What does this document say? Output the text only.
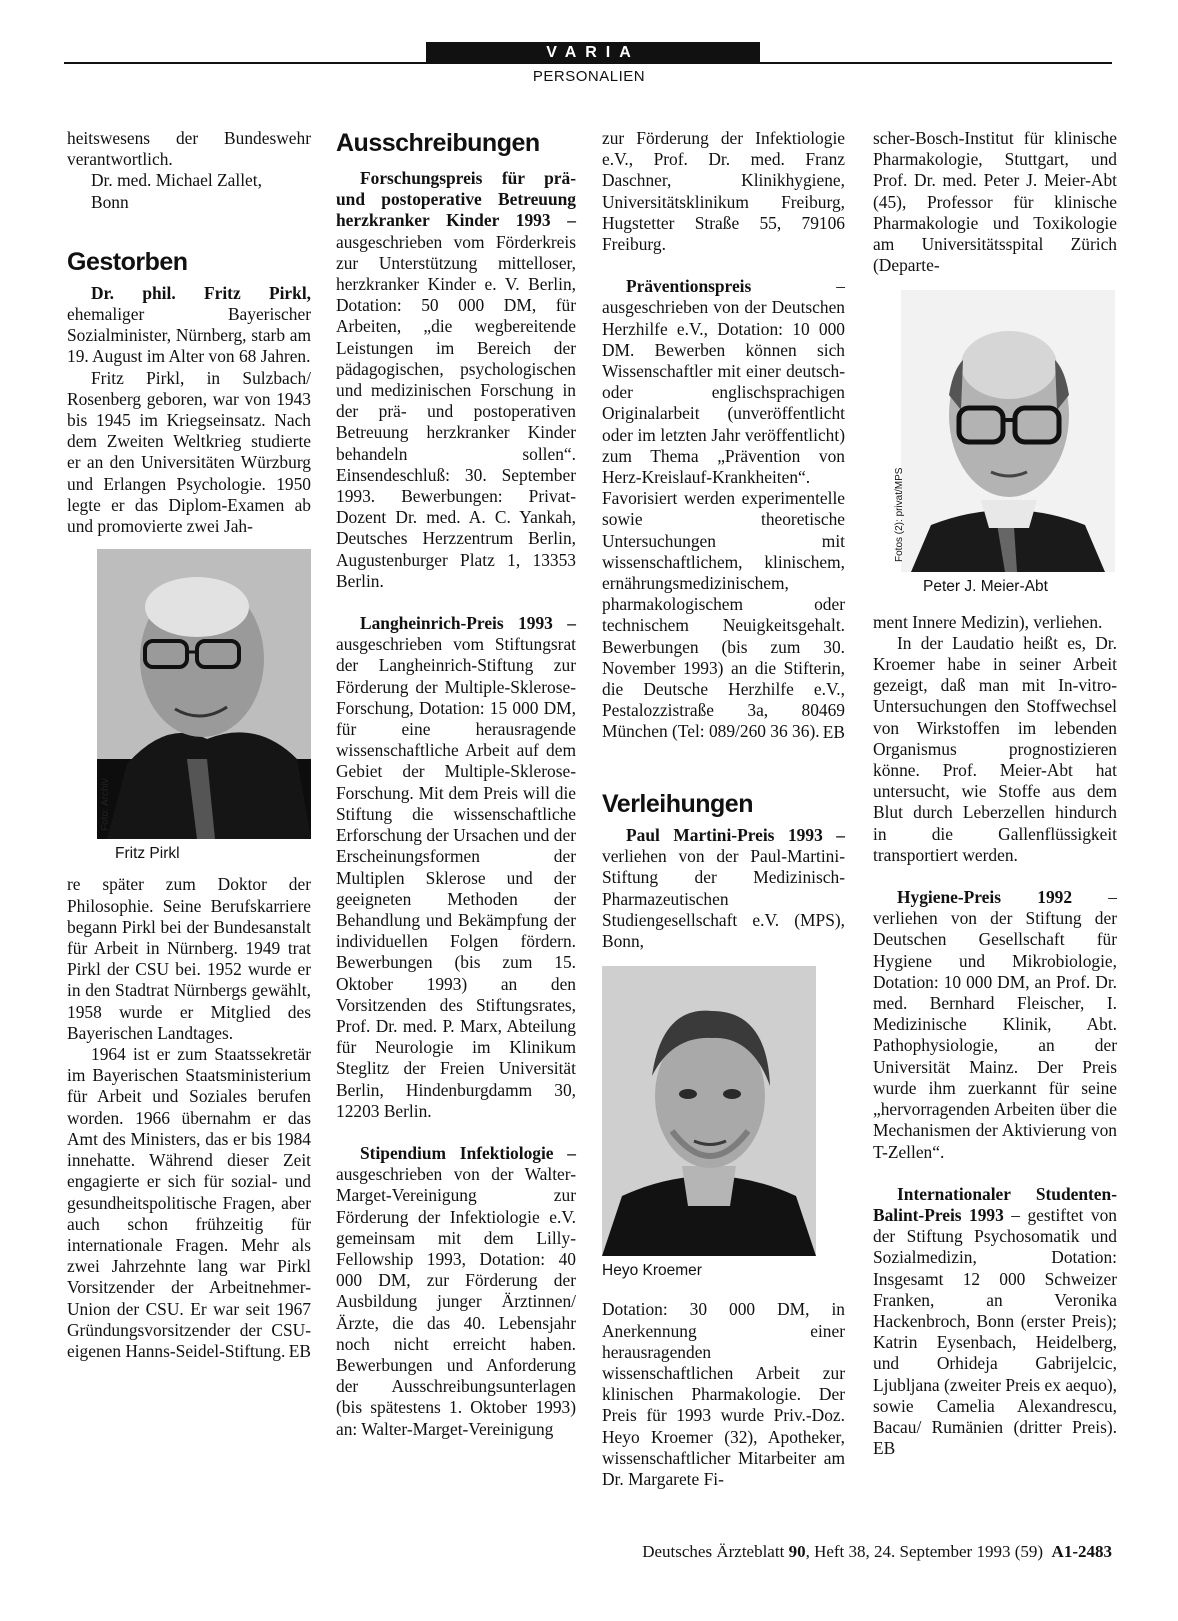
VARIA
PERSONALIEN

heitswesens der Bundeswehr verantwortlich.

Dr. med. Michael Zallet,

Bonn

Gestorben

Dr. phil. Fritz Pirkl, ehemaliger Bayerischer Sozialminister, Nürnberg, starb am 19. August im Alter von 68 Jahren.

Fritz Pirkl, in Sulzbach/ Rosenberg geboren, war von 1943 bis 1945 im Kriegseinsatz. Nach dem Zweiten Weltkrieg studierte er an den Universitäten Würzburg und Erlangen Psychologie. 1950 legte er das Diplom-Examen ab und promovierte zwei Jah-

Foto: Archiv
Fritz Pirkl

re später zum Doktor der Philosophie. Seine Berufskarriere begann Pirkl bei der Bundesanstalt für Arbeit in Nürnberg. 1949 trat Pirkl der CSU bei. 1952 wurde er in den Stadtrat Nürnbergs gewählt, 1958 wurde er Mitglied des Bayerischen Landtages.

1964 ist er zum Staatssekretär im Bayerischen Staatsministerium für Arbeit und Soziales berufen worden. 1966 übernahm er das Amt des Ministers, das er bis 1984 innehatte. Während dieser Zeit engagierte er sich für sozial- und gesundheitspolitische Fragen, aber auch schon frühzeitig für internationale Fragen. Mehr als zwei Jahrzehnte lang war Pirkl Vorsitzender der Arbeitnehmer-Union der CSU. Er war seit 1967 Gründungsvorsitzender der CSU-eigenen Hanns-Seidel-Stiftung. EB

Ausschreibungen

Forschungspreis für prä- und postoperative Betreuung herzkranker Kinder 1993 – ausgeschrieben vom Förderkreis zur Unterstützung mittelloser, herzkranker Kinder e. V. Berlin, Dotation: 50 000 DM, für Arbeiten, „die wegbereitende Leistungen im Bereich der pädagogischen, psychologischen und medizinischen Forschung in der prä- und postoperativen Betreuung herzkranker Kinder behandeln sollen“. Einsendeschluß: 30. September 1993. Bewerbungen: Privat-Dozent Dr. med. A. C. Yankah, Deutsches Herzzentrum Berlin, Augustenburger Platz 1, 13353 Berlin.

Langheinrich-Preis 1993 – ausgeschrieben vom Stiftungsrat der Langheinrich-Stiftung zur Förderung der Multiple-Sklerose-Forschung, Dotation: 15 000 DM, für eine herausragende wissenschaftliche Arbeit auf dem Gebiet der Multiple-Sklerose-Forschung. Mit dem Preis will die Stiftung die wissenschaftliche Erforschung der Ursachen und der Erscheinungsformen der Multiplen Sklerose und der geeigneten Methoden der Behandlung und Bekämpfung der individuellen Folgen fördern. Bewerbungen (bis zum 15. Oktober 1993) an den Vorsitzenden des Stiftungsrates, Prof. Dr. med. P. Marx, Abteilung für Neurologie im Klinikum Steglitz der Freien Universität Berlin, Hindenburgdamm 30, 12203 Berlin.

Stipendium Infektiologie – ausgeschrieben von der Walter-Marget-Vereinigung zur Förderung der Infektiologie e.V. gemeinsam mit dem Lilly-Fellowship 1993, Dotation: 40 000 DM, zur Förderung der Ausbildung junger Ärztinnen/Ärzte, die das 40. Lebensjahr noch nicht erreicht haben. Bewerbungen und Anforderung der Ausschreibungsunterlagen (bis spätestens 1. Oktober 1993) an: Walter-Marget-Vereinigung

zur Förderung der Infektiologie e.V., Prof. Dr. med. Franz Daschner, Klinikhygiene, Universitätsklinikum Freiburg, Hugstetter Straße 55, 79106 Freiburg.

Präventionspreis	– ausgeschrieben von der Deutschen Herzhilfe e.V., Dotation: 10 000 DM. Bewerben können sich Wissenschaftler mit einer deutsch- oder englischsprachigen Originalarbeit (unveröffentlicht oder im letzten Jahr veröffentlicht) zum Thema „Prävention von Herz-Kreislauf-Krankheiten“. Favorisiert werden experimentelle sowie theoretische Untersuchungen mit wissenschaftlichem, klinischem, ernährungsmedizinischem, pharmakologischem oder technischem Neuigkeitsgehalt. Bewerbungen (bis zum 30. November 1993) an die Stifterin, die Deutsche Herzhilfe e.V., Pestalozzistraße 3a, 80469 München (Tel: 089/260 36 36). EB

Verleihungen

Paul Martini-Preis 1993 – verliehen von der Paul-Martini-Stiftung der Medizinisch-Pharmazeutischen Studiengesellschaft e.V. (MPS), Bonn,

Heyo Kroemer

Dotation: 30 000 DM, in Anerkennung einer herausragenden wissenschaftlichen Arbeit zur klinischen Pharmakologie. Der Preis für 1993 wurde Priv.-Doz. Heyo Kroemer (32), Apotheker, wissenschaftlicher Mitarbeiter am Dr. Margarete Fi-

scher-Bosch-Institut für klinische Pharmakologie, Stuttgart, und Prof. Dr. med. Peter J. Meier-Abt (45), Professor für klinische Pharmakologie und Toxikologie am Universitätsspital Zürich (Departe-

Fotos (2): privat/MPS
Peter J. Meier-Abt

ment Innere Medizin), verliehen.

In der Laudatio heißt es, Dr. Kroemer habe in seiner Arbeit gezeigt, daß man mit In-vitro-Untersuchungen den Stoffwechsel von Wirkstoffen im lebenden Organismus prognostizieren könne. Prof. Meier-Abt hat untersucht, wie Stoffe aus dem Blut durch Leberzellen hindurch in die Gallenflüssigkeit transportiert werden.

Hygiene-Preis 1992 – verliehen von der Stiftung der Deutschen Gesellschaft für Hygiene und Mikrobiologie, Dotation: 10 000 DM, an Prof. Dr. med. Bernhard Fleischer, I. Medizinische Klinik, Abt. Pathophysiologie, an der Universität Mainz. Der Preis wurde ihm zuerkannt für seine „hervorragenden Arbeiten über die Mechanismen der Aktivierung von T-Zellen“.

Internationaler Studenten-Balint-Preis 1993 – gestiftet von der Stiftung Psychosomatik und Sozialmedizin, Dotation: Insgesamt 12 000 Schweizer Franken, an Veronika Hackenbroch, Bonn (erster Preis); Katrin Eysenbach, Heidelberg, und Orhideja Gabrijelcic, Ljubljana (zweiter Preis ex aequo), sowie Camelia Alexandrescu, Bacau/ Rumänien (dritter Preis). EB

Deutsches Ärzteblatt 90, Heft 38, 24. September 1993 (59) A1-2483
